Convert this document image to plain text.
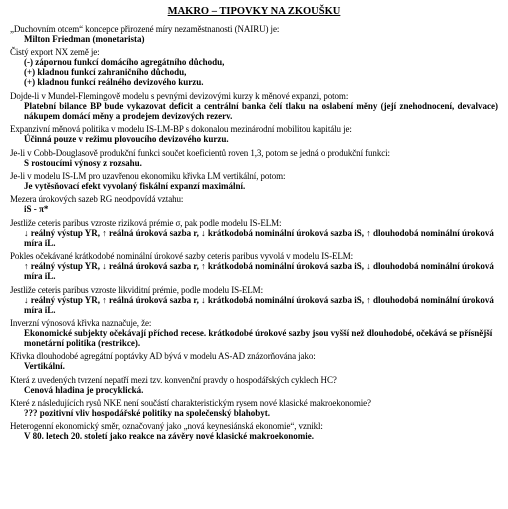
MAKRO – TIPOVKY NA ZKOUŠKU
„Duchovním otcem“ koncepce přirozené míry nezaměstnanosti (NAIRU) je:
Milton Friedman (monetarista)
Čistý export NX země je:
(-) zápornou funkcí domácího agregátního důchodu,
(+) kladnou funkcí zahraničního důchodu,
(+) kladnou funkcí reálného devizového kurzu.
Dojde-li v Mundel-Flemingově modelu s pevnými devizovými kurzy k měnové expanzi, potom:
Platební bilance BP bude vykazovat deficit a centrální banka čelí tlaku na oslabení měny (její znehodnocení, devalvace) nákupem domácí měny a prodejem devizových rezerv.
Expanzivní měnová politika v modelu IS-LM-BP s dokonalou mezinárodní mobilitou kapitálu je:
Účinná pouze v režimu plovoucího devizového kurzu.
Je-li v Cobb-Douglasově produkční funkci součet koeficientů roven 1,3, potom se jedná o produkční funkci:
S rostoucími výnosy z rozsahu.
Je-li v modelu IS-LM pro uzavřenou ekonomiku křivka LM vertikální, potom:
Je vytěsňovací efekt vyvolaný fiskální expanzí maximální.
Mezera úrokových sazeb RG neodpovídá vztahu:
iS - π*
Jestliže ceteris paribus vzroste riziková prémie σ, pak podle modelu IS-ELM:
↓ reálný výstup YR, ↑ reálná úroková sazba r, ↓ krátkodobá nominální úroková sazba iS, ↑ dlouhodobá nominální úroková míra iL.
Pokles očekávané krátkodobé nominální úrokové sazby ceteris paribus vyvolá v modelu IS-ELM:
↑ reálný výstup YR, ↓ reálná úroková sazba r, ↑ krátkodobá nominální úroková sazba iS, ↓ dlouhodobá nominální úroková míra iL.
Jestliže ceteris paribus vzroste likviditní prémie, podle modelu IS-ELM:
↓ reálný výstup YR, ↑ reálná úroková sazba r, ↓ krátkodobá nominální úroková sazba iS, ↑ dlouhodobá nominální úroková míra iL.
Inverzní výnosová křivka naznačuje, že:
Ekonomické subjekty očekávají příchod recese. krátkodobé úrokové sazby jsou vyšší než dlouhodobé, očekává se přísnější monetární politika (restrikce).
Křivka dlouhodobé agregátní poptávky AD bývá v modelu AS-AD znázorňována jako:
Vertikální.
Která z uvedených tvrzení nepatří mezi tzv. konvenční pravdy o hospodářských cyklech HC?
Cenová hladina je procyklická.
Které z následujících rysů NKE není součástí charakteristickým rysem nové klasické makroekonomie?
??? pozitivní vliv hospodářské politiky na společenský blahobyt.
Heterogenní ekonomický směr, označovaný jako „nová keynesiánská ekonomie“, vznikl:
V 80. letech 20. století jako reakce na závěry nové klasické makroekonomie.
